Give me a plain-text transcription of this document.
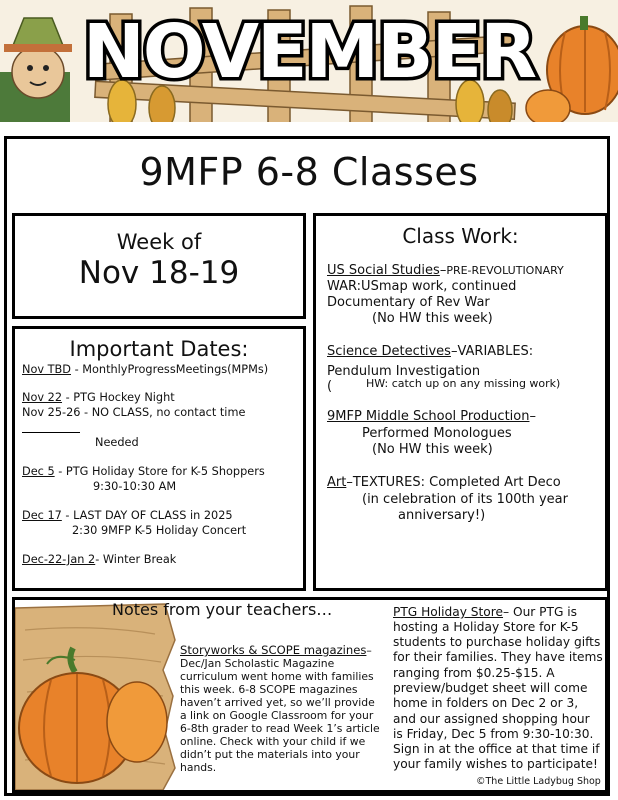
NOVEMBER
9MFP 6-8 Classes
Week of
Nov 18-19
Important Dates:
Nov TBD - MonthlyProgressMeetings(MPMs)
Nov 22 - PTG Hockey Night
Nov 25-26 - NO CLASS, no contact time
Needed
Dec 5 - PTG Holiday Store for K-5 Shoppers
9:30-10:30 AM
Dec 17 - LAST DAY OF CLASS in 2025
2:30 9MFP K-5 Holiday Concert
Dec-22-Jan 2- Winter Break
Class Work:
US Social Studies–PRE-REVOLUTIONARY
WAR:USmap work, continued
Documentary of Rev War
(No HW this week)
Science Detectives–VARIABLES:
Pendulum Investigation
(	HW: catch up on any missing work)
9MFP Middle School Production–
Performed Monologues
(No HW this week)
Art–TEXTURES: Completed Art Deco
(in celebration of its 100th year
anniversary!)
Notes from your teachers…
Storyworks & SCOPE magazines–
Dec/Jan Scholastic Magazine
curriculum went home with families
this week. 6-8 SCOPE magazines
haven’t arrived yet, so we’ll provide
a link on Google Classroom for your
6-8th grader to read Week 1’s article
online. Check with your child if we
didn’t put the materials into your
hands.
PTG Holiday Store– Our PTG is
hosting a Holiday Store for K-5
students to purchase holiday gifts
for their families. They have items
ranging from $0.25-$15. A
preview/budget sheet will come
home in folders on Dec 2 or 3,
and our assigned shopping hour
is Friday, Dec 5 from 9:30-10:30.
Sign in at the office at that time if
your family wishes to participate!
©The Little Ladybug Shop
